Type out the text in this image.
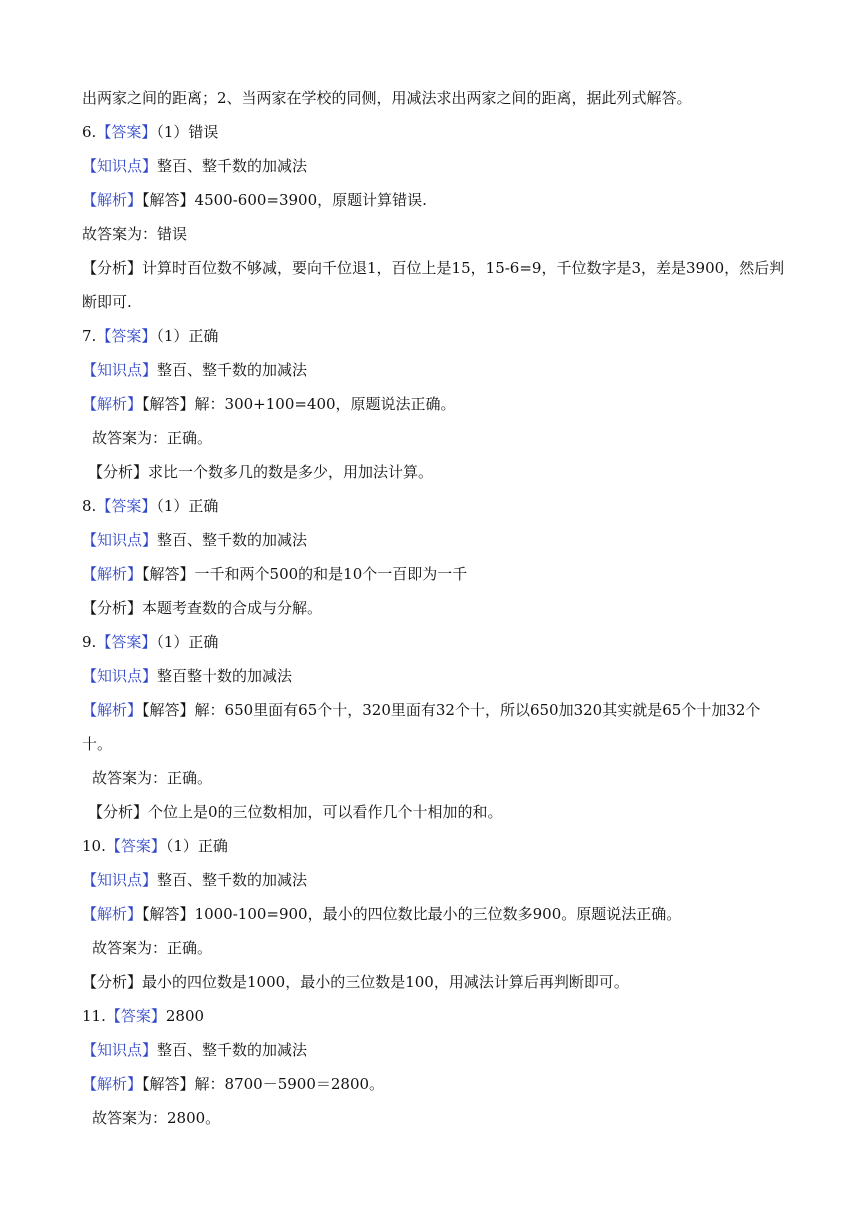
出两家之间的距离；2、当两家在学校的同侧，用减法求出两家之间的距离，据此列式解答。
6.【答案】（1）错误
【知识点】整百、整千数的加减法
【解析】【解答】4500-600=3900，原题计算错误.
故答案为：错误
【分析】计算时百位数不够减，要向千位退1，百位上是15，15-6=9，千位数字是3，差是3900，然后判
断即可.
7.【答案】（1）正确
【知识点】整百、整千数的加减法
【解析】【解答】解：300+100=400，原题说法正确。
故答案为：正确。
【分析】求比一个数多几的数是多少，用加法计算。
8.【答案】（1）正确
【知识点】整百、整千数的加减法
【解析】【解答】一千和两个500的和是10个一百即为一千
【分析】本题考查数的合成与分解。
9.【答案】（1）正确
【知识点】整百整十数的加减法
【解析】【解答】解：650里面有65个十，320里面有32个十，所以650加320其实就是65个十加32个
十。
故答案为：正确。
【分析】个位上是0的三位数相加，可以看作几个十相加的和。
10.【答案】（1）正确
【知识点】整百、整千数的加减法
【解析】【解答】1000-100=900，最小的四位数比最小的三位数多900。原题说法正确。
故答案为：正确。
【分析】最小的四位数是1000，最小的三位数是100，用减法计算后再判断即可。
11.【答案】2800
【知识点】整百、整千数的加减法
【解析】【解答】解：8700－5900＝2800。
故答案为：2800。
